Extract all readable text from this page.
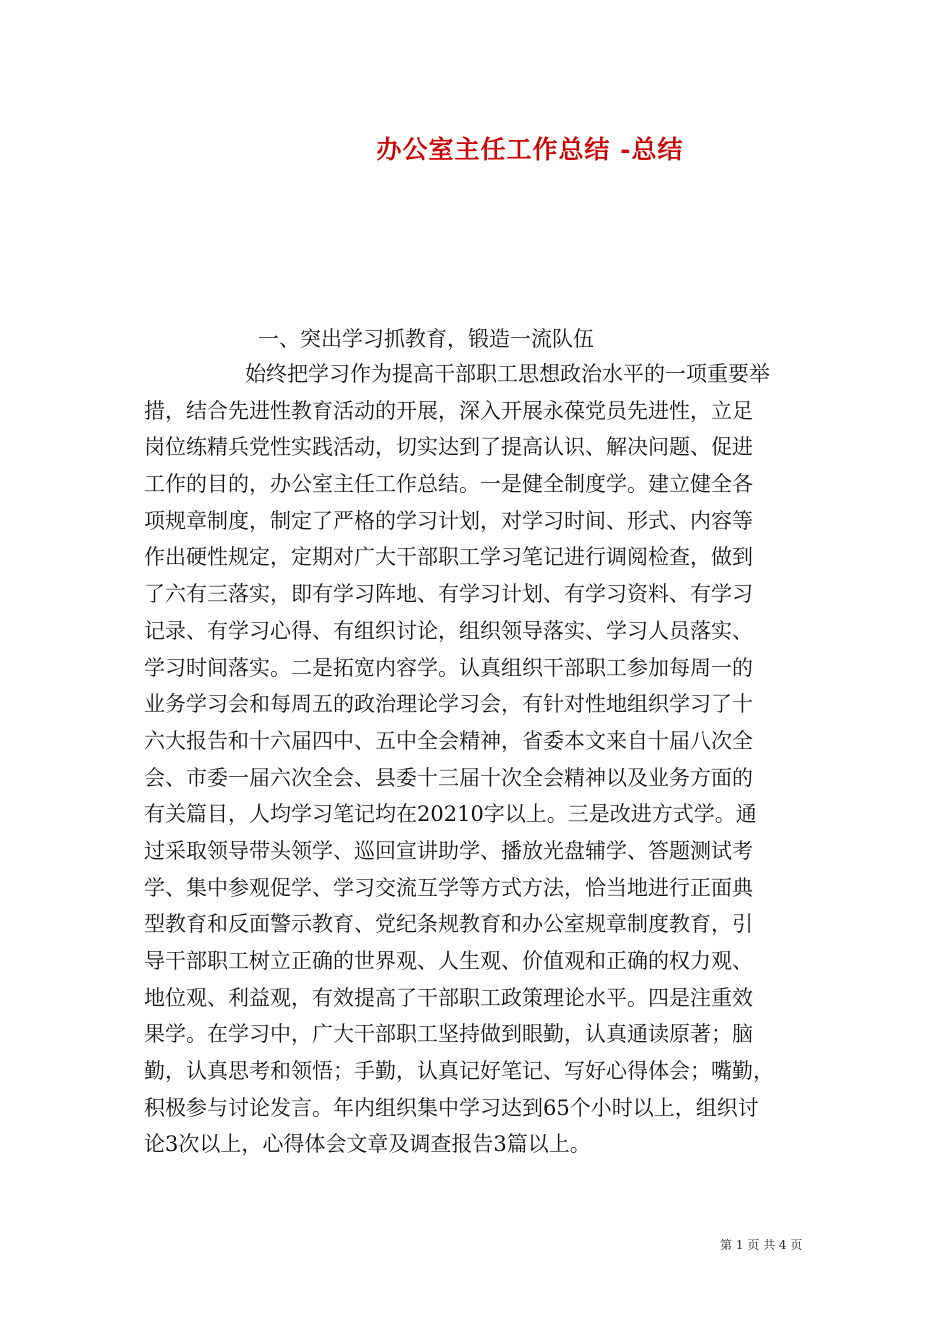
办公室主任工作总结 -总结
一、突出学习抓教育，锻造一流队伍
始终把学习作为提高干部职工思想政治水平的一项重要举
措，结合先进性教育活动的开展，深入开展永葆党员先进性，立足
岗位练精兵党性实践活动，切实达到了提高认识、解决问题、促进
工作的目的，办公室主任工作总结。一是健全制度学。建立健全各
项规章制度，制定了严格的学习计划，对学习时间、形式、内容等
作出硬性规定，定期对广大干部职工学习笔记进行调阅检查，做到
了六有三落实，即有学习阵地、有学习计划、有学习资料、有学习
记录、有学习心得、有组织讨论，组织领导落实、学习人员落实、
学习时间落实。二是拓宽内容学。认真组织干部职工参加每周一的
业务学习会和每周五的政治理论学习会，有针对性地组织学习了十
六大报告和十六届四中、五中全会精神，省委本文来自十届八次全
会、市委一届六次全会、县委十三届十次全会精神以及业务方面的
有关篇目，人均学习笔记均在20210字以上。三是改进方式学。通
过采取领导带头领学、巡回宣讲助学、播放光盘辅学、答题测试考
学、集中参观促学、学习交流互学等方式方法，恰当地进行正面典
型教育和反面警示教育、党纪条规教育和办公室规章制度教育，引
导干部职工树立正确的世界观、人生观、价值观和正确的权力观、
地位观、利益观，有效提高了干部职工政策理论水平。四是注重效
果学。在学习中，广大干部职工坚持做到眼勤，认真通读原著；脑
勤，认真思考和领悟；手勤，认真记好笔记、写好心得体会；嘴勤，
积极参与讨论发言。年内组织集中学习达到65个小时以上，组织讨
论3次以上，心得体会文章及调查报告3篇以上。
第 1 页 共 4 页
